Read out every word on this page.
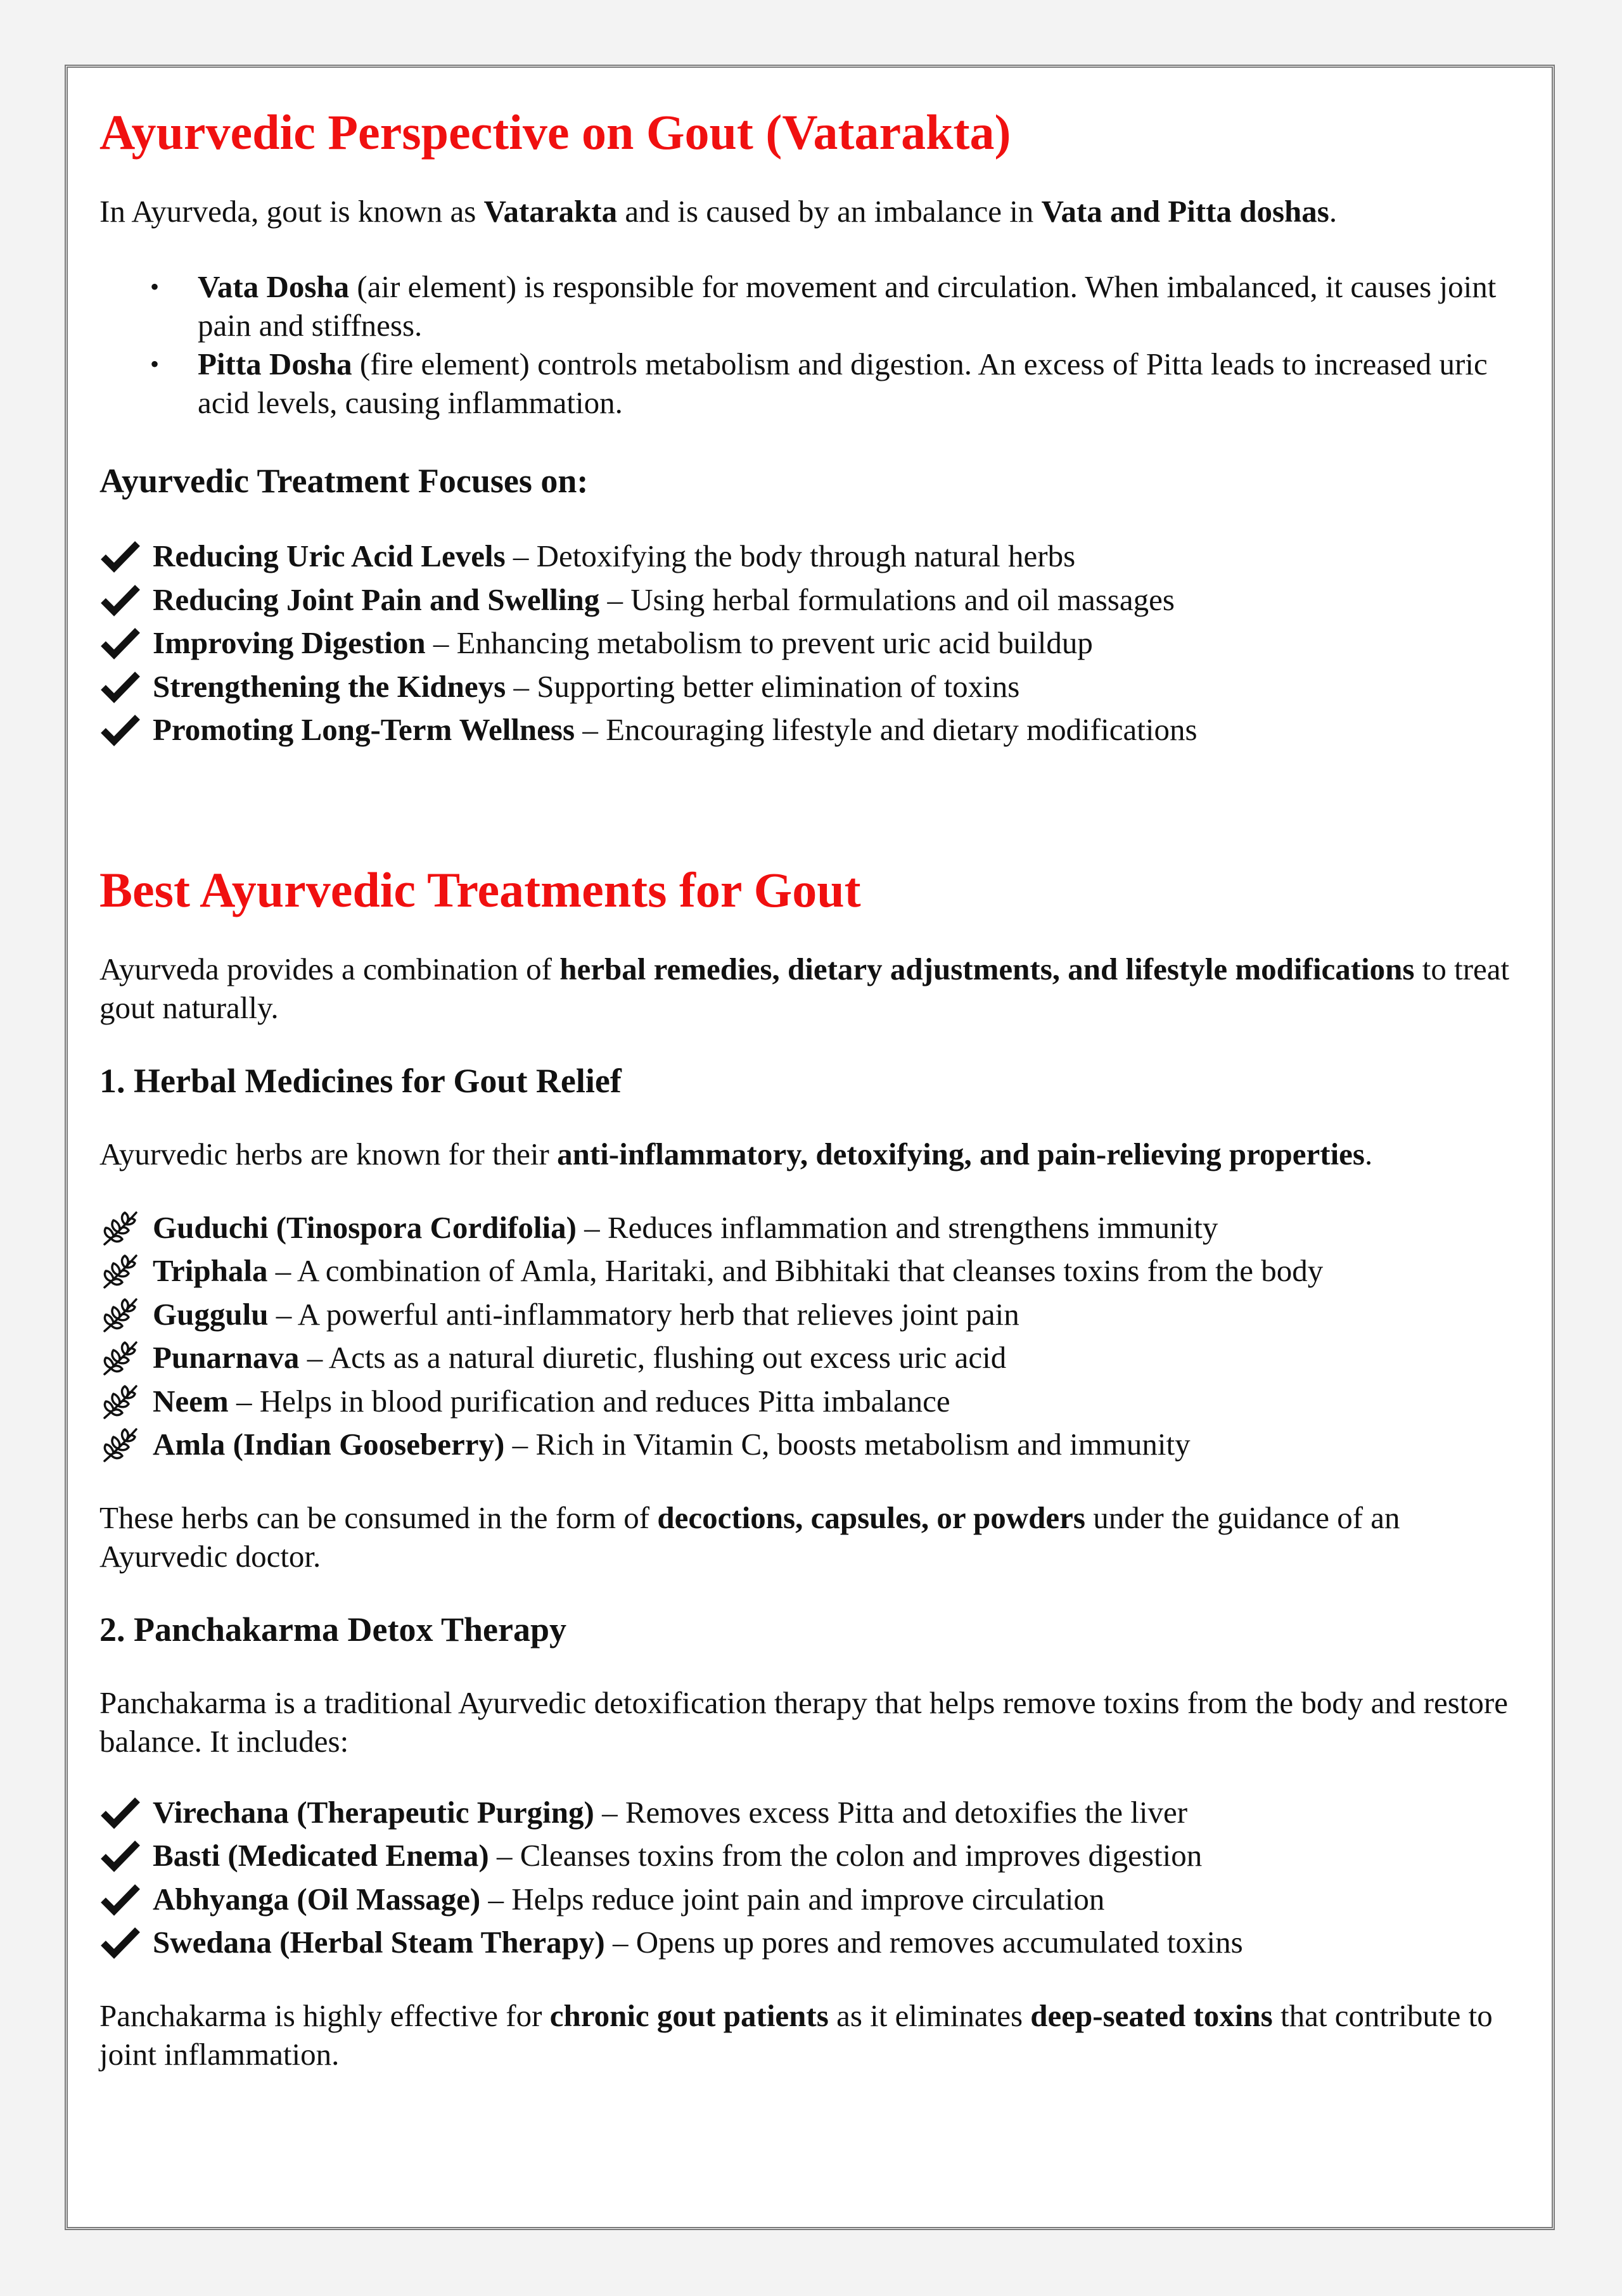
Ayurvedic Perspective on Gout (Vatarakta)

In Ayurveda, gout is known as Vatarakta and is caused by an imbalance in Vata and Pitta doshas.

• Vata Dosha (air element) is responsible for movement and circulation. When imbalanced, it causes joint pain and stiffness.
• Pitta Dosha (fire element) controls metabolism and digestion. An excess of Pitta leads to increased uric acid levels, causing inflammation.
Ayurvedic Treatment Focuses on:
Reducing Uric Acid Levels – Detoxifying the body through natural herbs
Reducing Joint Pain and Swelling – Using herbal formulations and oil massages
Improving Digestion – Enhancing metabolism to prevent uric acid buildup
Strengthening the Kidneys – Supporting better elimination of toxins
Promoting Long-Term Wellness – Encouraging lifestyle and dietary modifications
Best Ayurvedic Treatments for Gout

Ayurveda provides a combination of herbal remedies, dietary adjustments, and lifestyle modifications to treat gout naturally.

1. Herbal Medicines for Gout Relief

Ayurvedic herbs are known for their anti-inflammatory, detoxifying, and pain-relieving properties.

Guduchi (Tinospora Cordifolia) – Reduces inflammation and strengthens immunity
Triphala – A combination of Amla, Haritaki, and Bibhitaki that cleanses toxins from the body
Guggulu – A powerful anti-inflammatory herb that relieves joint pain
Punarnava – Acts as a natural diuretic, flushing out excess uric acid
Neem – Helps in blood purification and reduces Pitta imbalance
Amla (Indian Gooseberry) – Rich in Vitamin C, boosts metabolism and immunity

These herbs can be consumed in the form of decoctions, capsules, or powders under the guidance of an Ayurvedic doctor.

2. Panchakarma Detox Therapy

Panchakarma is a traditional Ayurvedic detoxification therapy that helps remove toxins from the body and restore balance. It includes:

Virechana (Therapeutic Purging) – Removes excess Pitta and detoxifies the liver
Basti (Medicated Enema) – Cleanses toxins from the colon and improves digestion
Abhyanga (Oil Massage) – Helps reduce joint pain and improve circulation
Swedana (Herbal Steam Therapy) – Opens up pores and removes accumulated toxins

Panchakarma is highly effective for chronic gout patients as it eliminates deep-seated toxins that contribute to joint inflammation.
